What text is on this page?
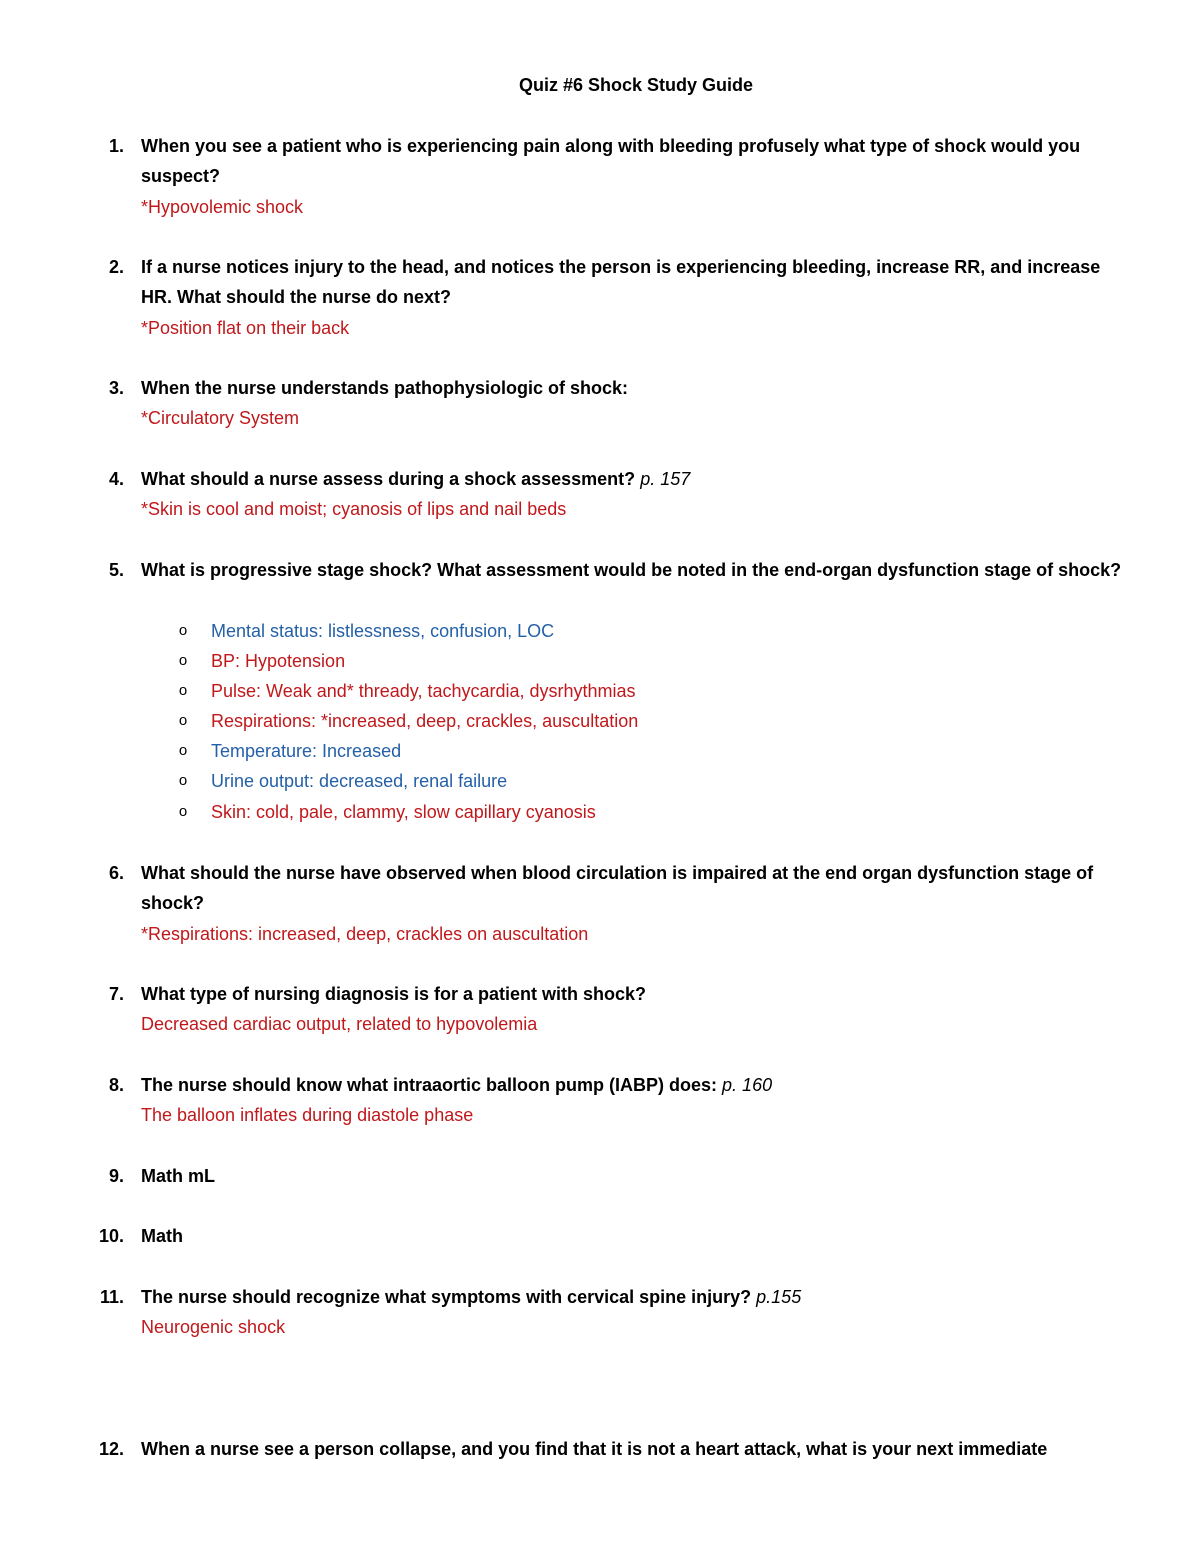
Quiz #6 Shock Study Guide
1. When you see a patient who is experiencing pain along with bleeding profusely what type of shock would you suspect?
*Hypovolemic shock
2. If a nurse notices injury to the head, and notices the person is experiencing bleeding, increase RR, and increase HR. What should the nurse do next?
*Position flat on their back
3. When the nurse understands pathophysiologic of shock:
*Circulatory System
4. What should a nurse assess during a shock assessment? p. 157
*Skin is cool and moist; cyanosis of lips and nail beds
5. What is progressive stage shock? What assessment would be noted in the end-organ dysfunction stage of shock?
o Mental status: listlessness, confusion, LOC
o BP: Hypotension
o Pulse: Weak and* thready, tachycardia, dysrhythmias
o Respirations: *increased, deep, crackles, auscultation
o Temperature: Increased
o Urine output: decreased, renal failure
o Skin: cold, pale, clammy, slow capillary cyanosis
6. What should the nurse have observed when blood circulation is impaired at the end organ dysfunction stage of shock?
*Respirations: increased, deep, crackles on auscultation
7. What type of nursing diagnosis is for a patient with shock?
Decreased cardiac output, related to hypovolemia
8. The nurse should know what intraaortic balloon pump (IABP) does: p. 160
The balloon inflates during diastole phase
9. Math mL
10. Math
11. The nurse should recognize what symptoms with cervical spine injury? p.155
Neurogenic shock
12. When a nurse see a person collapse, and you find that it is not a heart attack, what is your next immediate
